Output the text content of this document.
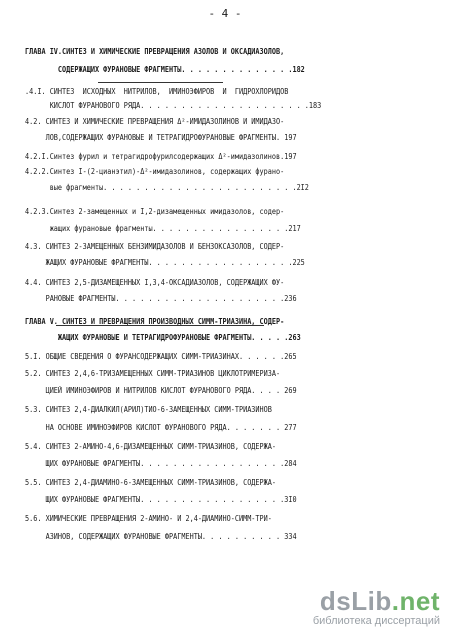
- 4 -
ГЛАВА IV.СИНТЕЗ И ХИМИЧЕСКИЕ ПРЕВРАЩЕНИЯ АЗОЛОВ И ОКСАДИАЗОЛОВ,
СОДЕРЖАЩИХ ФУРАНОВЫЕ ФРАГМЕНТЫ. . . . . . . . . . . . . .182
.4.I. СИНТЕЗ  ИСХОДНЫХ  НИТРИЛОВ,  ИМИНОЭФИРОВ  И  ГИДРОХЛОРИДОВ
КИСЛОТ ФУРАНОВОГО РЯДА. . . . . . . . . . . . . . . . . . . . .183
4.2. СИНТЕЗ И ХИМИЧЕСКИЕ ПРЕВРАЩЕНИЯ Δ²-ИМИДАЗОЛИНОВ И ИМИДАЗО-
ЛОВ,СОДЕРЖАЩИХ ФУРАНОВЫЕ И ТЕТРАГИДРОФУРАНОВЫЕ ФРАГМЕНТЫ. 197
4.2.I.Синтез фурил и тетрагидрофурилсодержащих Δ²-имидазолинов.197
4.2.2.Синтез I-(2-цианэтил)-Δ²-имидазолинов, содержащих фурано-
вые фрагменты. . . . . . . . . . . . . . . . . . . . . . . .2I2
4.2.3.Синтез 2-замещенных и I,2-дизамещенных имидазолов, содер-
жащих фурановые фрагменты. . . . . . . . . . . . . . . . .217
4.3. СИНТЕЗ 2-ЗАМЕЩЕННЫХ БЕНЗИМИДАЗОЛОВ И БЕНЗОКСАЗОЛОВ, СОДЕР-
ЖАЩИХ ФУРАНОВЫЕ ФРАГМЕНТЫ. . . . . . . . . . . . . . . . . .225
4.4. СИНТЕЗ 2,5-ДИЗАМЕЩЕННЫХ I,3,4-ОКСАДИАЗОЛОВ, СОДЕРЖАЩИХ ФУ-
РАНОВЫЕ ФРАГМЕНТЫ. . . . . . . . . . . . . . . . . . . . .236
ГЛАВА V. СИНТЕЗ И ПРЕВРАЩЕНИЯ ПРОИЗВОДНЫХ СИММ-ТРИАЗИНА, СОДЕР-
ЖАЩИХ ФУРАНОВЫЕ И ТЕТРАГИДРОФУРАНОВЫЕ ФРАГМЕНТЫ. . . . .263
5.I. ОБЩИЕ СВЕДЕНИЯ О ФУРАНСОДЕРЖАЩИХ СИММ-ТРИАЗИНАХ. . . . . .265
5.2. СИНТЕЗ 2,4,6-ТРИЗАМЕЩЕННЫХ СИММ-ТРИАЗИНОВ ЦИКЛОТРИМЕРИЗА-
ЦИЕЙ ИМИНОЭФИРОВ И НИТРИЛОВ КИСЛОТ ФУРАНОВОГО РЯДА. . . . 269
5.3. СИНТЕЗ 2,4-ДИАЛКИЛ(АРИЛ)ТИО-6-ЗАМЕЩЕННЫХ СИММ-ТРИАЗИНОВ
НА ОСНОВЕ ИМИНОЭФИРОВ КИСЛОТ ФУРАНОВОГО РЯДА. . . . . . . 277
5.4. СИНТЕЗ 2-АМИНО-4,6-ДИЗАМЕЩЕННЫХ СИММ-ТРИАЗИНОВ, СОДЕРЖА-
ЩИХ ФУРАНОВЫЕ ФРАГМЕНТЫ. . . . . . . . . . . . . . . . . .284
5.5. СИНТЕЗ 2,4-ДИАМИНО-6-ЗАМЕЩЕННЫХ СИММ-ТРИАЗИНОВ, СОДЕРЖА-
ЩИХ ФУРАНОВЫЕ ФРАГМЕНТЫ. . . . . . . . . . . . . . . . . .3I0
5.6. ХИМИЧЕСКИЕ ПРЕВРАЩЕНИЯ 2-АМИНО- И 2,4-ДИАМИНО-СИММ-ТРИ-
АЗИНОВ, СОДЕРЖАЩИХ ФУРАНОВЫЕ ФРАГМЕНТЫ. . . . . . . . . . 334
dsLib.net
библиотека диссертаций
